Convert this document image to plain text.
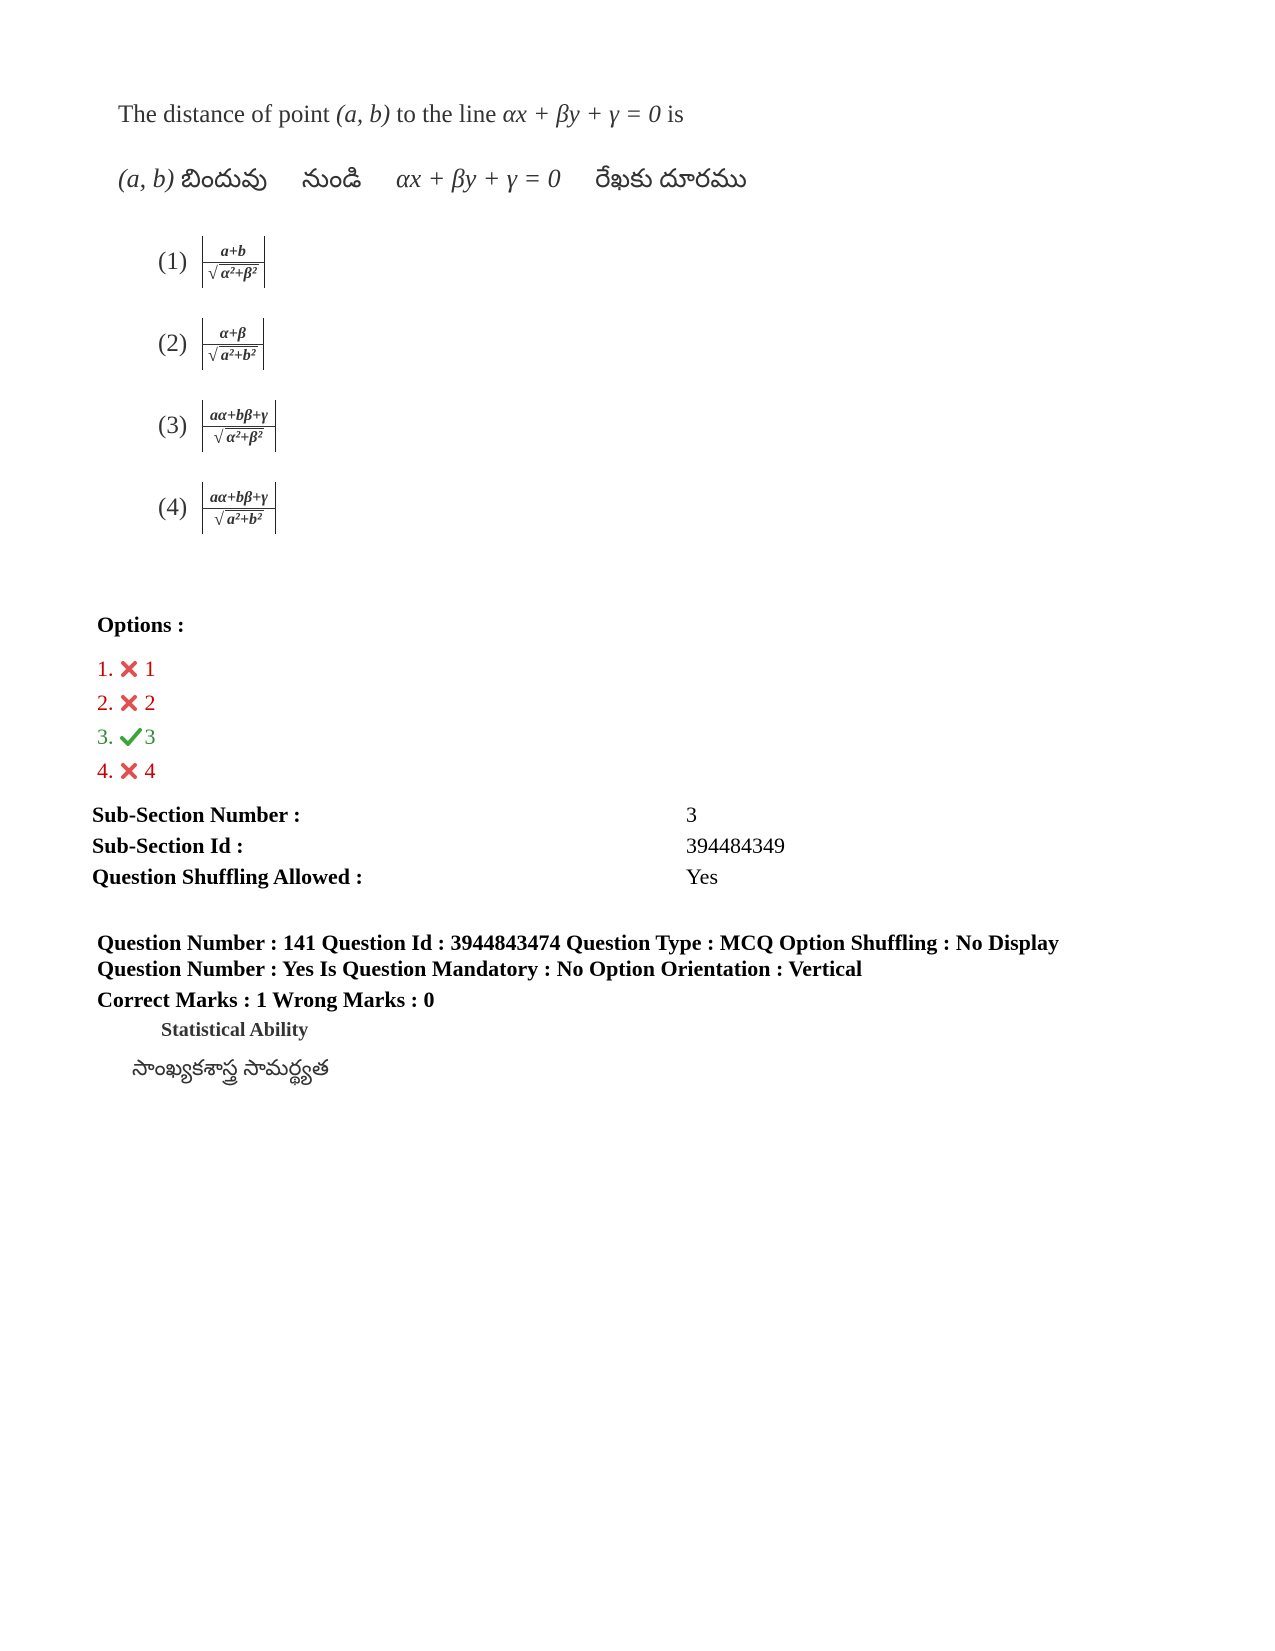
The distance of point (a, b) to the line αx + βy + γ = 0 is
(a, b) బిందువు నుండి αx + βy + γ = 0 రేఖకు దూరము
(1)	$\frac{a+b}{\text{√ α²+β²}}$
(2)	$\frac{\alpha+\beta}{\text{√ a²+b²}}$
(3)	$\frac{a\alpha+b\beta+\gamma}{\text{√ α²+β²}}$
(4)	$\frac{a\alpha+b\beta+\gamma}{\text{√ a²+b²}}$
Options :
1. 1
2. 2
3. 3
4. 4
Sub-Section Number :	3
Sub-Section Id :	394484349
Question Shuffling Allowed :	Yes
Question Number : 141 Question Id : 3944843474 Question Type : MCQ Option Shuffling : No Display
Question Number : Yes Is Question Mandatory : No Option Orientation : Vertical
Correct Marks : 1 Wrong Marks : 0
Statistical Ability
సాంఖ్యకశాస్త్ర సామర్థ్యత
